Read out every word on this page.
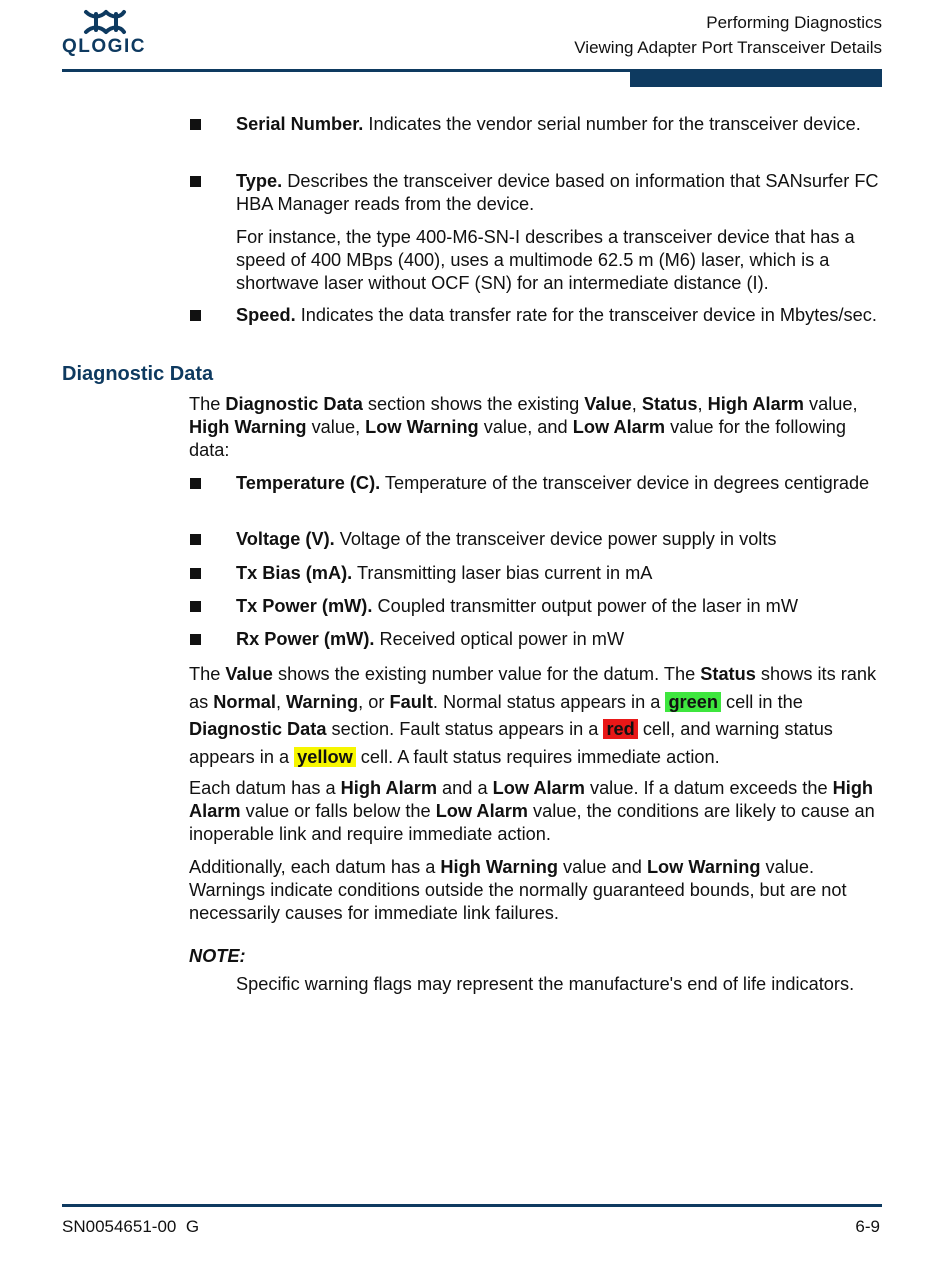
QLOGIC
Performing Diagnostics
Viewing Adapter Port Transceiver Details
Serial Number. Indicates the vendor serial number for the transceiver device.
Type. Describes the transceiver device based on information that SANsurfer FC HBA Manager reads from the device.
For instance, the type 400-M6-SN-I describes a transceiver device that has a speed of 400 MBps (400), uses a multimode 62.5 m (M6) laser, which is a shortwave laser without OCF (SN) for an intermediate distance (I).
Speed. Indicates the data transfer rate for the transceiver device in Mbytes/sec.
Diagnostic Data
The Diagnostic Data section shows the existing Value, Status, High Alarm value, High Warning value, Low Warning value, and Low Alarm value for the following data:
Temperature (C). Temperature of the transceiver device in degrees centigrade
Voltage (V). Voltage of the transceiver device power supply in volts
Tx Bias (mA). Transmitting laser bias current in mA
Tx Power (mW). Coupled transmitter output power of the laser in mW
Rx Power (mW). Received optical power in mW
The Value shows the existing number value for the datum. The Status shows its rank as Normal, Warning, or Fault. Normal status appears in a green cell in the Diagnostic Data section. Fault status appears in a red cell, and warning status appears in a yellow cell. A fault status requires immediate action.
Each datum has a High Alarm and a Low Alarm value. If a datum exceeds the High Alarm value or falls below the Low Alarm value, the conditions are likely to cause an inoperable link and require immediate action.
Additionally, each datum has a High Warning value and Low Warning value. Warnings indicate conditions outside the normally guaranteed bounds, but are not necessarily causes for immediate link failures.
NOTE:
Specific warning flags may represent the manufacture's end of life indicators.
SN0054651-00  G	6-9
